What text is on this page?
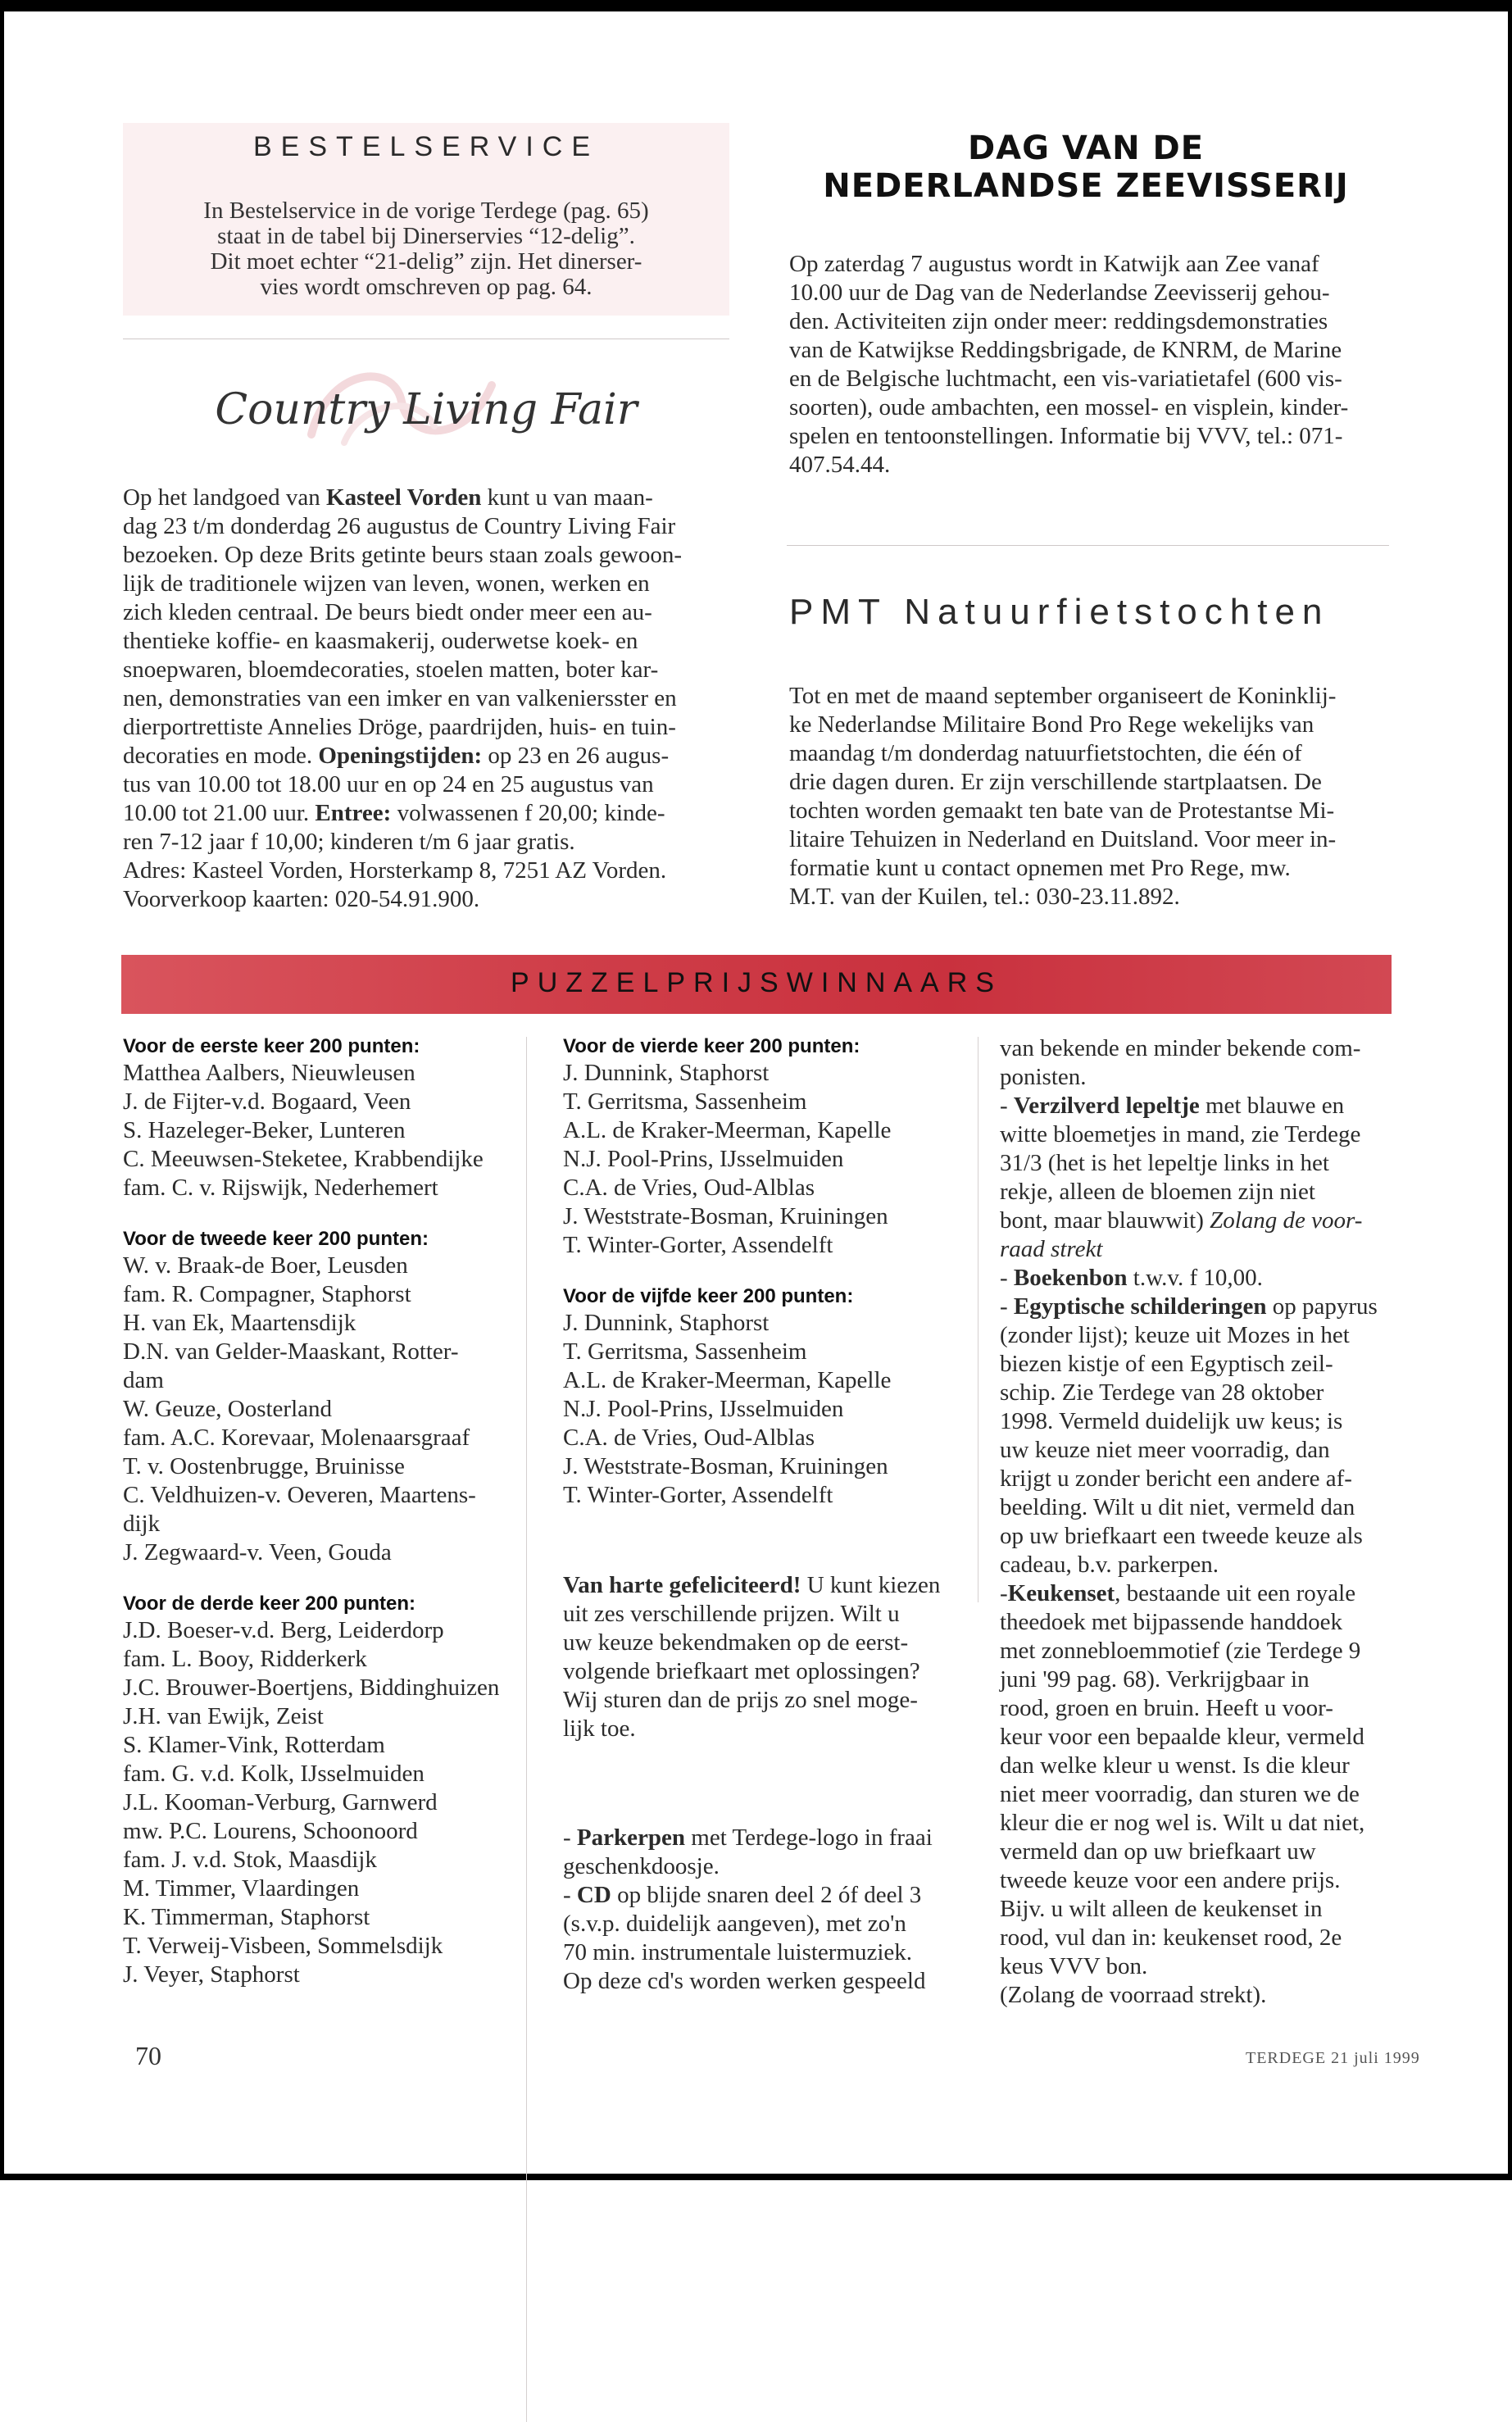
BESTELSERVICE
In Bestelservice in de vorige Terdege (pag. 65)
staat in de tabel bij Dinerservies “12-delig”.
Dit moet echter “21-delig” zijn. Het dinerser-
vies wordt omschreven op pag. 64.
Country Living Fair
Op het landgoed van Kasteel Vorden kunt u van maan-
dag 23 t/m donderdag 26 augustus de Country Living Fair
bezoeken. Op deze Brits getinte beurs staan zoals gewoon-
lijk de traditionele wijzen van leven, wonen, werken en
zich kleden centraal. De beurs biedt onder meer een au-
thentieke koffie- en kaasmakerij, ouderwetse koek- en
snoepwaren, bloemdecoraties, stoelen matten, boter kar-
nen, demonstraties van een imker en van valkeniersster en
dierportrettiste Annelies Dröge, paardrijden, huis- en tuin-
decoraties en mode. Openingstijden: op 23 en 26 augus-
tus van 10.00 tot 18.00 uur en op 24 en 25 augustus van
10.00 tot 21.00 uur. Entree: volwassenen f 20,00; kinde-
ren 7-12 jaar f 10,00; kinderen t/m 6 jaar gratis.
Adres: Kasteel Vorden, Horsterkamp 8, 7251 AZ Vorden.
Voorverkoop kaarten: 020-54.91.900.
DAG VAN DE
NEDERLANDSE ZEEVISSERIJ
Op zaterdag 7 augustus wordt in Katwijk aan Zee vanaf
10.00 uur de Dag van de Nederlandse Zeevisserij gehou-
den. Activiteiten zijn onder meer: reddingsdemonstraties
van de Katwijkse Reddingsbrigade, de KNRM, de Marine
en de Belgische luchtmacht, een vis-variatietafel (600 vis-
soorten), oude ambachten, een mossel- en visplein, kinder-
spelen en tentoonstellingen. Informatie bij VVV, tel.: 071-
407.54.44.
PMT Natuurfietstochten
Tot en met de maand september organiseert de Koninklij-
ke Nederlandse Militaire Bond Pro Rege wekelijks van
maandag t/m donderdag natuurfietstochten, die één of
drie dagen duren. Er zijn verschillende startplaatsen. De
tochten worden gemaakt ten bate van de Protestantse Mi-
litaire Tehuizen in Nederland en Duitsland. Voor meer in-
formatie kunt u contact opnemen met Pro Rege, mw.
M.T. van der Kuilen, tel.: 030-23.11.892.
PUZZELPRIJSWINNAARS
Voor de eerste keer 200 punten:
Matthea Aalbers, Nieuwleusen
J. de Fijter-v.d. Bogaard, Veen
S. Hazeleger-Beker, Lunteren
C. Meeuwsen-Steketee, Krabbendijke
fam. C. v. Rijswijk, Nederhemert
Voor de tweede keer 200 punten:
W. v. Braak-de Boer, Leusden
fam. R. Compagner, Staphorst
H. van Ek, Maartensdijk
D.N. van Gelder-Maaskant, Rotter-
dam
W. Geuze, Oosterland
fam. A.C. Korevaar, Molenaarsgraaf
T. v. Oostenbrugge, Bruinisse
C. Veldhuizen-v. Oeveren, Maartens-
dijk
J. Zegwaard-v. Veen, Gouda
Voor de derde keer 200 punten:
J.D. Boeser-v.d. Berg, Leiderdorp
fam. L. Booy, Ridderkerk
J.C. Brouwer-Boertjens, Biddinghuizen
J.H. van Ewijk, Zeist
S. Klamer-Vink, Rotterdam
fam. G. v.d. Kolk, IJsselmuiden
J.L. Kooman-Verburg, Garnwerd
mw. P.C. Lourens, Schoonoord
fam. J. v.d. Stok, Maasdijk
M. Timmer, Vlaardingen
K. Timmerman, Staphorst
T. Verweij-Visbeen, Sommelsdijk
J. Veyer, Staphorst
Voor de vierde keer 200 punten:
J. Dunnink, Staphorst
T. Gerritsma, Sassenheim
A.L. de Kraker-Meerman, Kapelle
N.J. Pool-Prins, IJsselmuiden
C.A. de Vries, Oud-Alblas
J. Weststrate-Bosman, Kruiningen
T. Winter-Gorter, Assendelft
Voor de vijfde keer 200 punten:
J. Dunnink, Staphorst
T. Gerritsma, Sassenheim
A.L. de Kraker-Meerman, Kapelle
N.J. Pool-Prins, IJsselmuiden
C.A. de Vries, Oud-Alblas
J. Weststrate-Bosman, Kruiningen
T. Winter-Gorter, Assendelft
Van harte gefeliciteerd! U kunt kiezen
uit zes verschillende prijzen. Wilt u
uw keuze bekendmaken op de eerst-
volgende briefkaart met oplossingen?
Wij sturen dan de prijs zo snel moge-
lijk toe.
- Parkerpen met Terdege-logo in fraai
geschenkdoosje.
- CD op blijde snaren deel 2 óf deel 3
(s.v.p. duidelijk aangeven), met zo'n
70 min. instrumentale luistermuziek.
Op deze cd's worden werken gespeeld
van bekende en minder bekende com-
ponisten.
- Verzilverd lepeltje met blauwe en
witte bloemetjes in mand, zie Terdege
31/3 (het is het lepeltje links in het
rekje, alleen de bloemen zijn niet
bont, maar blauwwit) Zolang de voor-
raad strekt
- Boekenbon t.w.v. f 10,00.
- Egyptische schilderingen op papyrus
(zonder lijst); keuze uit Mozes in het
biezen kistje of een Egyptisch zeil-
schip. Zie Terdege van 28 oktober
1998. Vermeld duidelijk uw keus; is
uw keuze niet meer voorradig, dan
krijgt u zonder bericht een andere af-
beelding. Wilt u dit niet, vermeld dan
op uw briefkaart een tweede keuze als
cadeau, b.v. parkerpen.
-Keukenset, bestaande uit een royale
theedoek met bijpassende handdoek
met zonnebloemmotief (zie Terdege 9
juni '99 pag. 68). Verkrijgbaar in
rood, groen en bruin. Heeft u voor-
keur voor een bepaalde kleur, vermeld
dan welke kleur u wenst. Is die kleur
niet meer voorradig, dan sturen we de
kleur die er nog wel is. Wilt u dat niet,
vermeld dan op uw briefkaart uw
tweede keuze voor een andere prijs.
Bijv. u wilt alleen de keukenset in
rood, vul dan in: keukenset rood, 2e
keus VVV bon.
(Zolang de voorraad strekt).
70	TERDEGE 21 juli 1999
